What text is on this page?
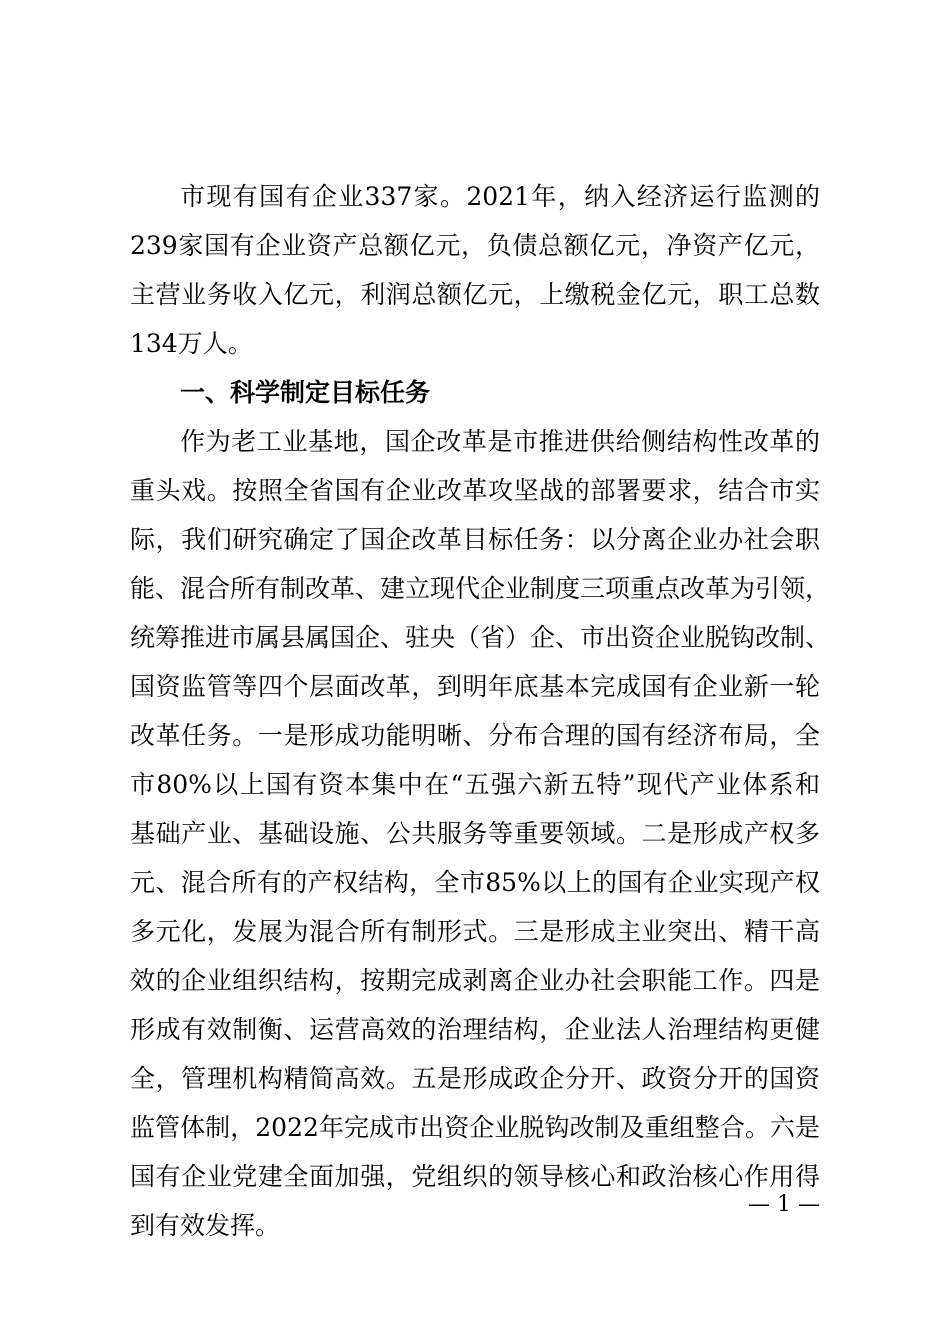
市现有国有企业337家。2021年，纳入经济运行监测的
239家国有企业资产总额亿元，负债总额亿元，净资产亿元，
主营业务收入亿元，利润总额亿元，上缴税金亿元，职工总数
134万人。
一、科学制定目标任务
作为老工业基地，国企改革是市推进供给侧结构性改革的
重头戏。按照全省国有企业改革攻坚战的部署要求，结合市实
际，我们研究确定了国企改革目标任务：以分离企业办社会职
能、混合所有制改革、建立现代企业制度三项重点改革为引领，
统筹推进市属县属国企、驻央（省）企、市出资企业脱钩改制、
国资监管等四个层面改革，到明年底基本完成国有企业新一轮
改革任务。一是形成功能明晰、分布合理的国有经济布局，全
市80%以上国有资本集中在“五强六新五特”现代产业体系和
基础产业、基础设施、公共服务等重要领域。二是形成产权多
元、混合所有的产权结构，全市85%以上的国有企业实现产权
多元化，发展为混合所有制形式。三是形成主业突出、精干高
效的企业组织结构，按期完成剥离企业办社会职能工作。四是
形成有效制衡、运营高效的治理结构，企业法人治理结构更健
全，管理机构精简高效。五是形成政企分开、政资分开的国资
监管体制，2022年完成市出资企业脱钩改制及重组整合。六是
国有企业党建全面加强，党组织的领导核心和政治核心作用得
到有效发挥。
— 1 —
